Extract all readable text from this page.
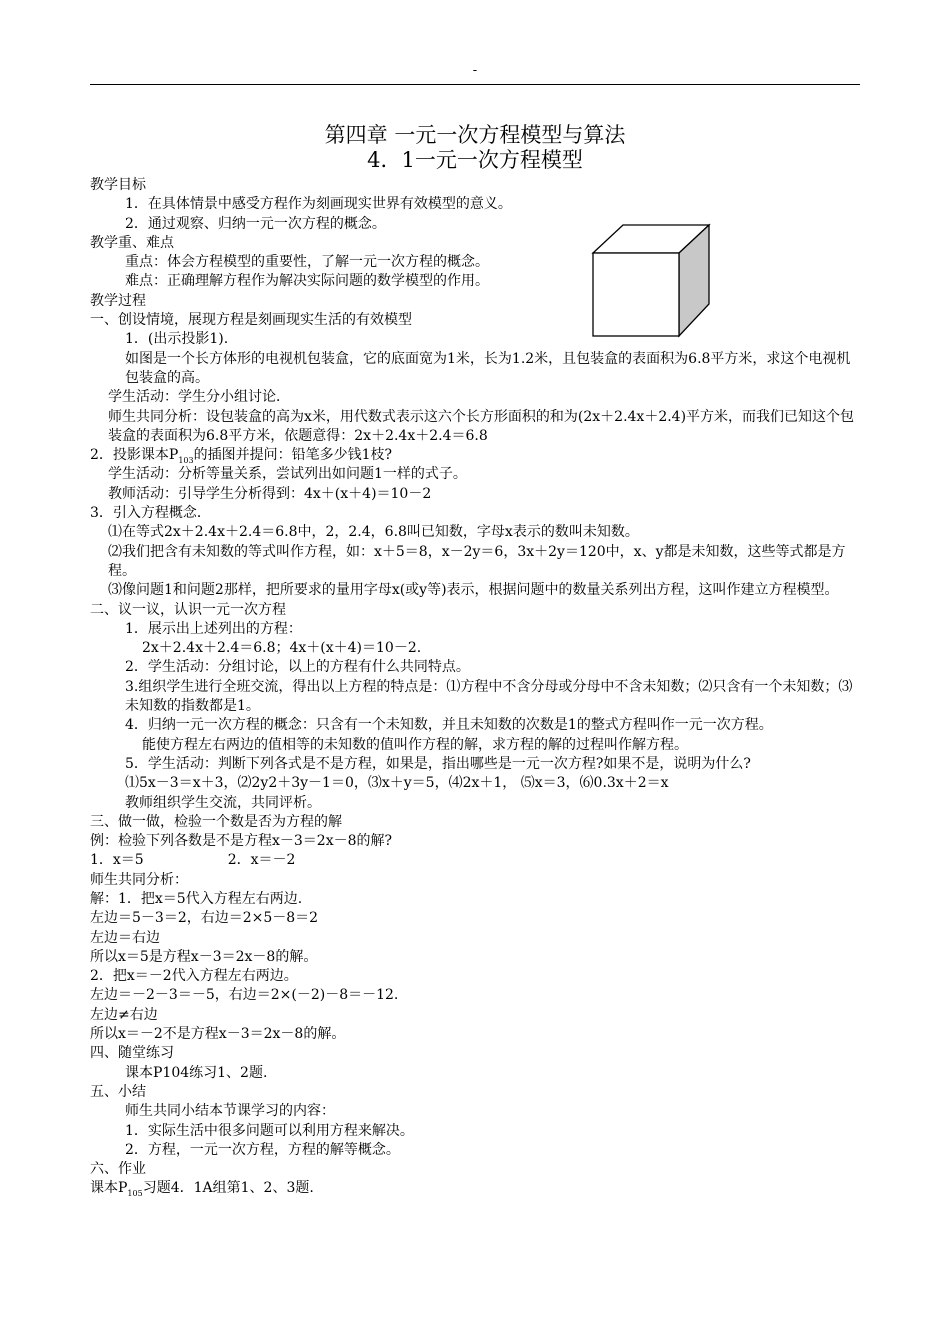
-
第四章 一元一次方程模型与算法
4．1一元一次方程模型

教学目标

1．在具体情景中感受方程作为刻画现实世界有效模型的意义。

2．通过观察、归纳一元一次方程的概念。

教学重、难点

重点：体会方程模型的重要性，了解一元一次方程的概念。

难点：正确理解方程作为解决实际问题的数学模型的作用。

教学过程

一、创设情境，展现方程是刻画现实生活的有效模型

1．(出示投影1).

如图是一个长方体形的电视机包装盒，它的底面宽为1米，长为1.2米，且包装盒的表面积为6.8平方米，求这个电视机包装盒的高。

学生活动：学生分小组讨论．

师生共同分析：设包装盒的高为x米，用代数式表示这六个长方形面积的和为(2x＋2.4x＋2.4)平方米，而我们已知这个包装盒的表面积为6.8平方米，依题意得：2x＋2.4x＋2.4＝6.8

2．投影课本$P_{103}$的插图并提问：铅笔多少钱1枝?

学生活动：分析等量关系，尝试列出如问题1一样的式子。

教师活动：引导学生分析得到：4x＋(x＋4)＝10－2

3．引入方程概念．

⑴在等式2x＋2.4x＋2.4＝6.8中，2，2.4，6.8叫已知数，字母x表示的数叫未知数。

⑵我们把含有未知数的等式叫作方程，如：x＋5＝8，x－2y＝6，3x＋2y＝120中，x、y都是未知数，这些等式都是方程。

⑶像问题1和问题2那样，把所要求的量用字母x(或y等)表示，根据问题中的数量关系列出方程，这叫作建立方程模型。

二、议一议，认识一元一次方程

1．展示出上述列出的方程：

2x＋2.4x＋2.4＝6.8；4x＋(x＋4)＝10－2.

2．学生活动：分组讨论，以上的方程有什么共同特点。

3.组织学生进行全班交流，得出以上方程的特点是：⑴方程中不含分母或分母中不含未知数；⑵只含有一个未知数；⑶未知数的指数都是1。

4．归纳一元一次方程的概念：只含有一个未知数，并且未知数的次数是1的整式方程叫作一元一次方程。

能使方程左右两边的值相等的未知数的值叫作方程的解，求方程的解的过程叫作解方程。

5．学生活动：判断下列各式是不是方程，如果是，指出哪些是一元一次方程?如果不是，说明为什么?

⑴5x－3＝x＋3，⑵2y2＋3y－1＝0，⑶x＋y＝5，⑷2x＋1， ⑸x＝3，⑹0.3x＋2＝x

教师组织学生交流，共同评析。

三、做一做，检验一个数是否为方程的解

例：检验下列各数是不是方程x－3＝2x－8的解?

1．x＝5　　　　　　2．x＝－2

师生共同分析：

解：1．把x＝5代入方程左右两边.

左边＝5－3＝2，右边＝2×5－8＝2

左边＝右边

所以x＝5是方程x－3＝2x－8的解。

2．把x＝－2代入方程左右两边。

左边＝－2－3＝－5，右边＝2×(－2)－8＝－12.

左边≠右边

所以x＝－2不是方程x－3＝2x－8的解。

四、随堂练习

课本P104练习1、2题.

五、小结

师生共同小结本节课学习的内容：

1．实际生活中很多问题可以利用方程来解决。

2．方程，一元一次方程，方程的解等概念。

六、作业

课本$P_{105}$习题4．1A组第1、2、3题.
